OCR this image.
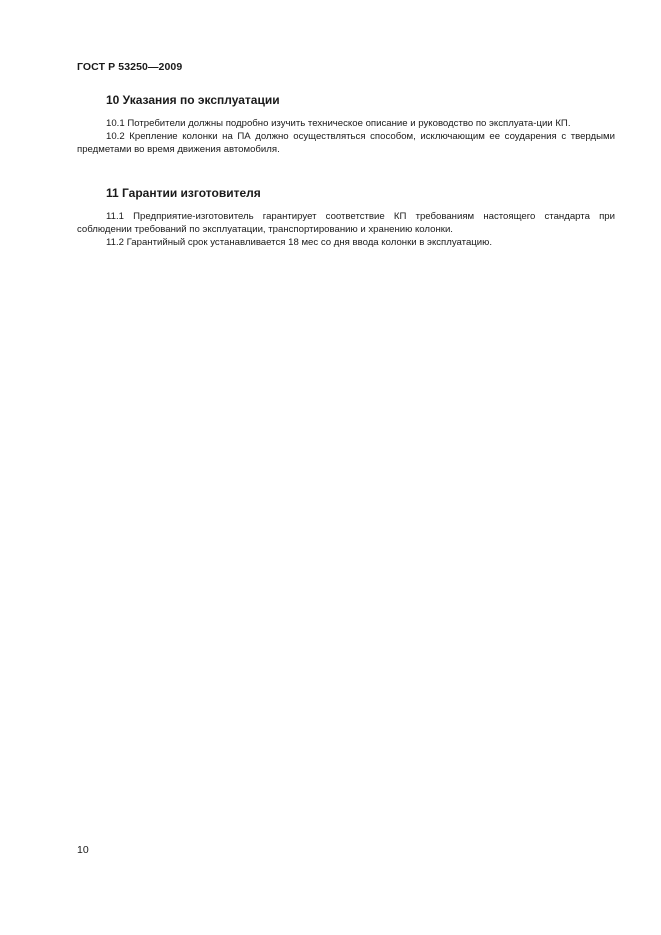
ГОСТ Р 53250—2009
10 Указания по эксплуатации

10.1 Потребители должны подробно изучить техническое описание и руководство по эксплуата-ции КП.

10.2 Крепление колонки на ПА должно осуществляться способом, исключающим ее соударения с твердыми предметами во время движения автомобиля.

11 Гарантии изготовителя

11.1 Предприятие-изготовитель гарантирует соответствие КП требованиям настоящего стандарта при соблюдении требований по эксплуатации, транспортированию и хранению колонки.

11.2 Гарантийный срок устанавливается 18 мес со дня ввода колонки в эксплуатацию.

10
